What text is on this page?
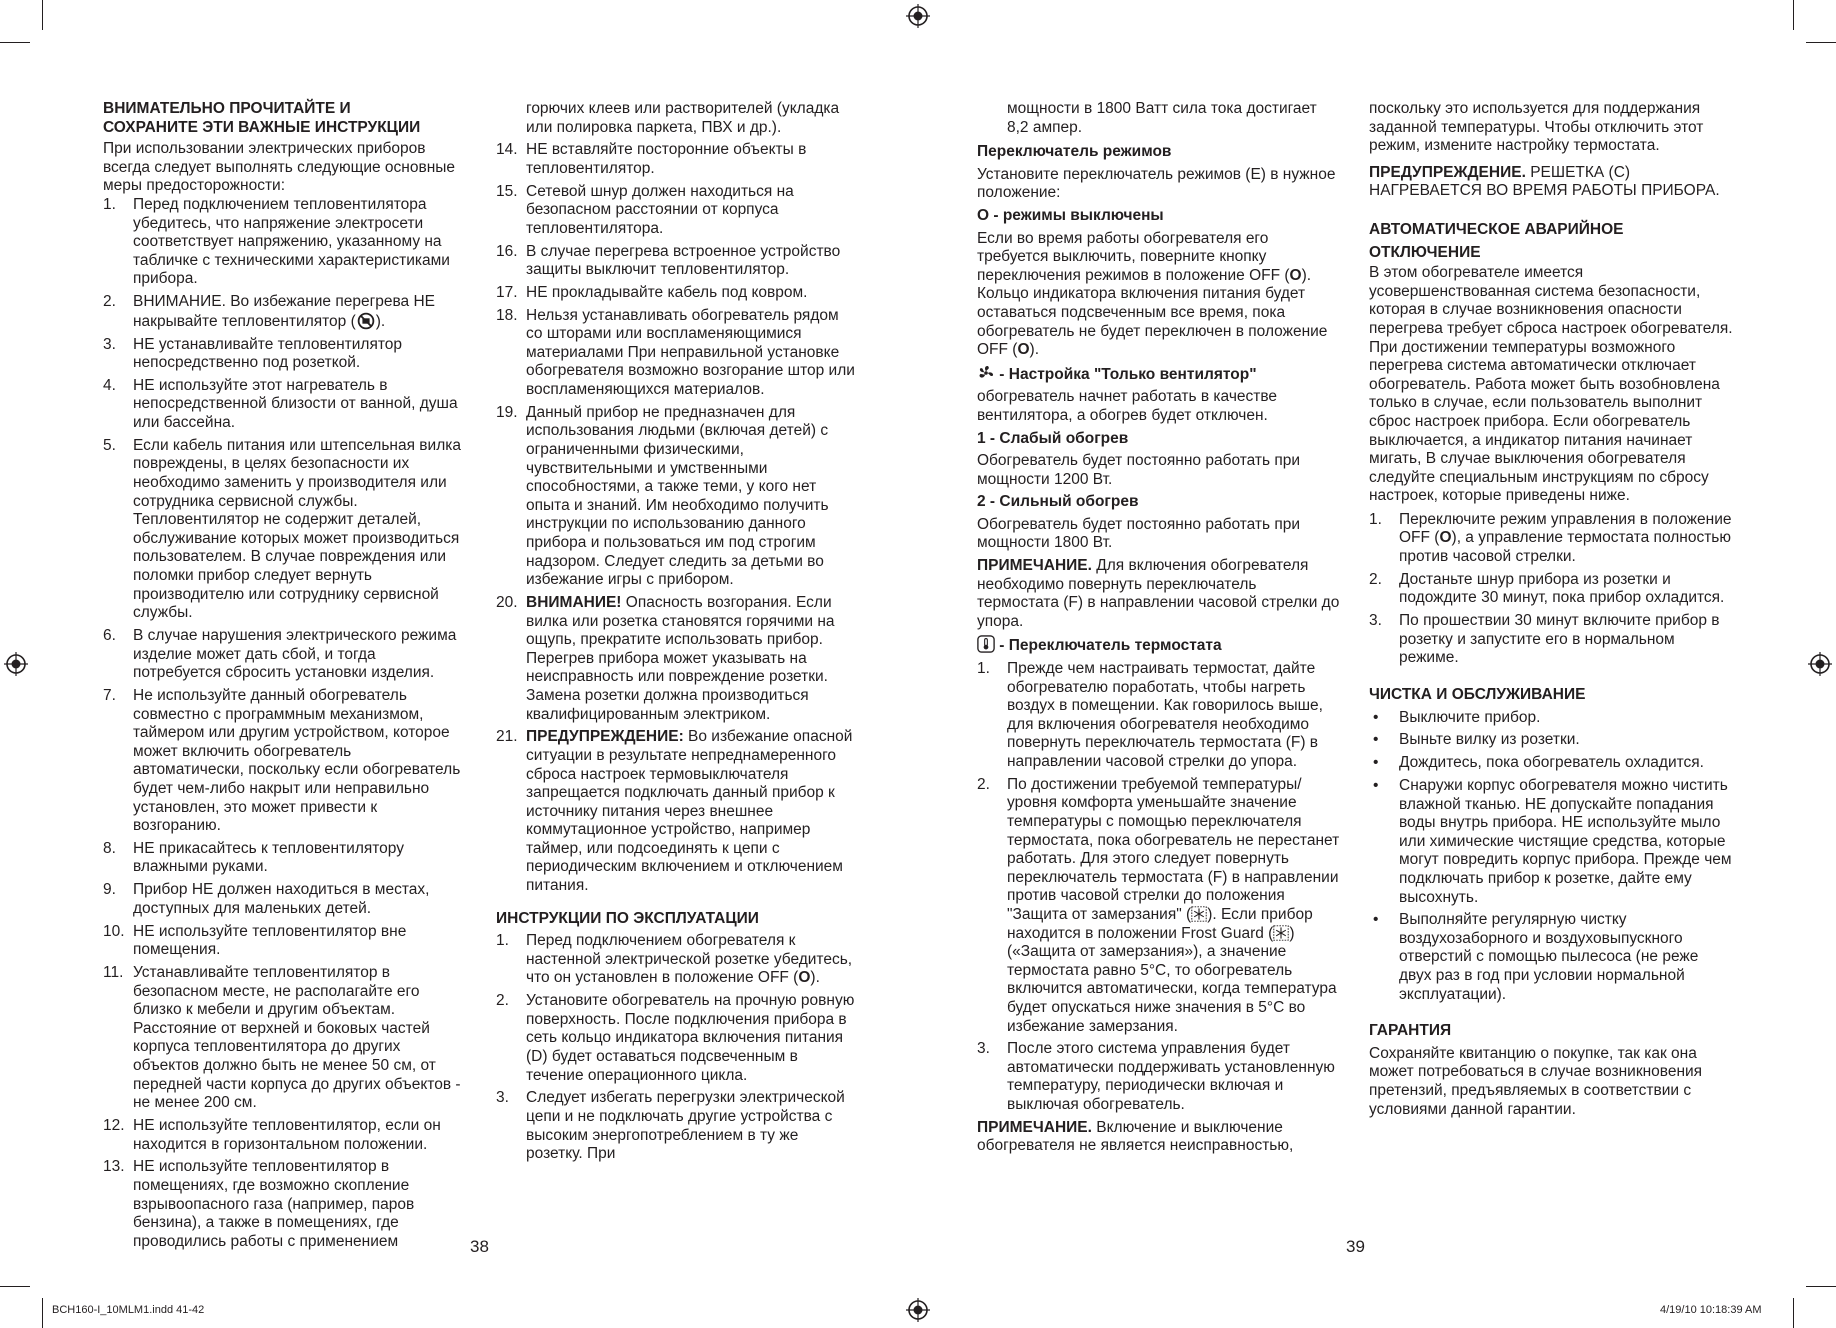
ВНИМАТЕЛЬНО ПРОЧИТАЙТЕ И

СОХРАНИТЕ ЭТИ ВАЖНЫЕ ИНСТРУКЦИИ

При использовании электрических приборов всегда следует выполнять следующие основные меры предосторожности:

1.	Перед подключением тепловентилятора убедитесь, что напряжение электросети соответствует напряжению, указанному на табличке с техническими характеристиками прибора.
2.	ВНИМАНИЕ. Во избежание перегрева НЕ накрывайте тепловентилятор ( ).
3.	НЕ устанавливайте тепловентилятор непосредственно под розеткой.
4.	НЕ используйте этот нагреватель в непосредственной близости от ванной, душа или бассейна.
5.	Если кабель питания или штепсельная вилка повреждены, в целях безопасности их необходимо заменить у производителя или сотрудника сервисной службы. Тепловентилятор не содержит деталей, обслуживание которых может производиться пользователем. В случае повреждения или поломки прибор следует вернуть производителю или сотруднику сервисной службы.
6.	В случае нарушения электрического режима изделие может дать сбой, и тогда потребуется сбросить установки изделия.
7.	Не используйте данный обогреватель совместно с программным механизмом, таймером или другим устройством, которое может включить обогреватель автоматически, поскольку если обогреватель будет чем-либо накрыт или неправильно установлен, это может привести к возгоранию.
8.	НЕ прикасайтесь к тепловентилятору влажными руками.
9.	Прибор НЕ должен находиться в местах, доступных для маленьких детей.
10. НЕ используйте тепловентилятор вне помещения.
11. Устанавливайте тепловентилятор в безопасном месте, не располагайте его близко к мебели и другим объектам. Расстояние от верхней и боковых частей корпуса тепловентилятора до других объектов должно быть не менее 50 см, от передней части корпуса до других объектов - не менее 200 см.
12. НЕ используйте тепловентилятор, если он находится в горизонтальном положении.
13. НЕ используйте тепловентилятор в помещениях, где возможно скопление взрывоопасного газа (например, паров бензина), а также в помещениях, где проводились работы с применением

горючих клеев или растворителей (укладка или полировка паркета, ПВХ и др.).

14. НЕ вставляйте посторонние объекты в тепловентилятор.
15. Сетевой шнур должен находиться на безопасном расстоянии от корпуса тепловентилятора.
16. В случае перегрева встроенное устройство защиты выключит тепловентилятор.
17. НЕ прокладывайте кабель под ковром.
18. Нельзя устанавливать обогреватель рядом со шторами или воспламеняющимися материалами При неправильной установке обогревателя возможно возгорание штор или воспламеняющихся материалов.
19. Данный прибор не предназначен для использования людьми (включая детей) с ограниченными физическими, чувствительными и умственными способностями, а также теми, у кого нет опыта и знаний. Им необходимо получить инструкции по использованию данного прибора и пользоваться им под строгим надзором. Следует следить за детьми во избежание игры с прибором.
20. ВНИМАНИЕ! Опасность возгорания. Если вилка или розетка становятся горячими на ощупь, прекратите использовать прибор. Перегрев прибора может указывать на неисправность или повреждение розетки. Замена розетки должна производиться квалифицированным электриком.
21. ПРЕДУПРЕЖДЕНИЕ: Во избежание опасной ситуации в результате непреднамеренного сброса настроек термовыключателя запрещается подключать данный прибор к источнику питания через внешнее коммутационное устройство, например таймер, или подсоединять к цепи с периодическим включением и отключением питания.

ИНСТРУКЦИИ ПО ЭКСПЛУАТАЦИИ

1.	Перед подключением обогревателя к настенной электрической розетке убедитесь, что он установлен в положение OFF (O).
2.	Установите обогреватель на прочную ровную поверхность. После подключения прибора в сеть кольцо индикатора включения питания (D) будет оставаться подсвеченным в течение операционного цикла.
3.	Следует избегать перегрузки электрической цепи и не подключать другие устройства с высоким энергопотреблением в ту же розетку. При

мощности в 1800 Ватт сила тока достигает 8,2 ампер.

Переключатель режимов

Установите переключатель режимов (E) в нужное положение:

O - режимы выключены

Если во время работы обогревателя его требуется выключить, поверните кнопку переключения режимов в положение OFF (O). Кольцо индикатора включения питания будет оставаться подсвеченным все время, пока обогреватель не будет переключен в положение OFF (O).

- Настройка "Только вентилятор"

обогреватель начнет работать в качестве вентилятора, а обогрев будет отключен.

1 - Слабый обогрев

Обогреватель будет постоянно работать при мощности 1200 Вт.

2 - Сильный обогрев

Обогреватель будет постоянно работать при мощности 1800 Вт.

ПРИМЕЧАНИЕ. Для включения обогревателя необходимо повернуть переключатель термостата (F) в направлении часовой стрелки до упора.

- Переключатель термостата

1.	Прежде чем настраивать термостат, дайте обогревателю поработать, чтобы нагреть воздух в помещении. Как говорилось выше, для включения обогревателя необходимо повернуть переключатель термостата (F) в направлении часовой стрелки до упора.
2.	По достижении требуемой температуры/уровня комфорта уменьшайте значение температуры с помощью переключателя термостата, пока обогреватель не перестанет работать. Для этого следует повернуть переключатель термостата (F) в направлении против часовой стрелки до положения "Защита от замерзания" ( ). Если прибор находится в положении Frost Guard ( ) («Защита от замерзания»), а значение термостата равно 5°C, то обогреватель включится автоматически, когда температура будет опускаться ниже значения в 5°C во избежание замерзания.
3.	После этого система управления будет автоматически поддерживать установленную температуру, периодически включая и выключая обогреватель.

ПРИМЕЧАНИЕ. Включение и выключение обогревателя не является неисправностью,

поскольку это используется для поддержания заданной температуры. Чтобы отключить этот режим, измените настройку термостата.

ПРЕДУПРЕЖДЕНИЕ. РЕШЕТКА (C) НАГРЕВАЕТСЯ ВО ВРЕМЯ РАБОТЫ ПРИБОРА.

АВТОМАТИЧЕСКОЕ АВАРИЙНОЕ

ОТКЛЮЧЕНИЕ

В этом обогревателе имеется усовершенствованная система безопасности, которая в случае возникновения опасности перегрева требует сброса настроек обогревателя. При достижении температуры возможного перегрева система автоматически отключает обогреватель. Работа может быть возобновлена только в случае, если пользователь выполнит сброс настроек прибора. Если обогреватель выключается, а индикатор питания начинает мигать, В случае выключения обогревателя следуйте специальным инструкциям по сбросу настроек, которые приведены ниже.

1.	Переключите режим управления в положение OFF (O), а управление термостата полностью против часовой стрелки.
2.	Достаньте шнур прибора из розетки и подождите 30 минут, пока прибор охладится.
3.	По прошествии 30 минут включите прибор в розетку и запустите его в нормальном режиме.

ЧИСТКА И ОБСЛУЖИВАНИЕ

• Выключите прибор.
• Выньте вилку из розетки.
• Дождитесь, пока обогреватель охладится.
• Снаружи корпус обогревателя можно чистить влажной тканью. НЕ допускайте попадания воды внутрь прибора. НЕ используйте мыло или химические чистящие средства, которые могут повредить корпус прибора. Прежде чем подключать прибор к розетке, дайте ему высохнуть.
• Выполняйте регулярную чистку воздухозаборного и воздуховыпускного отверстий с помощью пылесоса (не реже двух раз в год при условии нормальной эксплуатации).

ГАРАНТИЯ

Сохраняйте квитанцию о покупке, так как она может потребоваться в случае возникновения претензий, предъявляемых в соответствии с условиями данной гарантии.

38	39
BCH160-I_10MLM1.indd 41-42	4/19/10 10:18:39 AM
